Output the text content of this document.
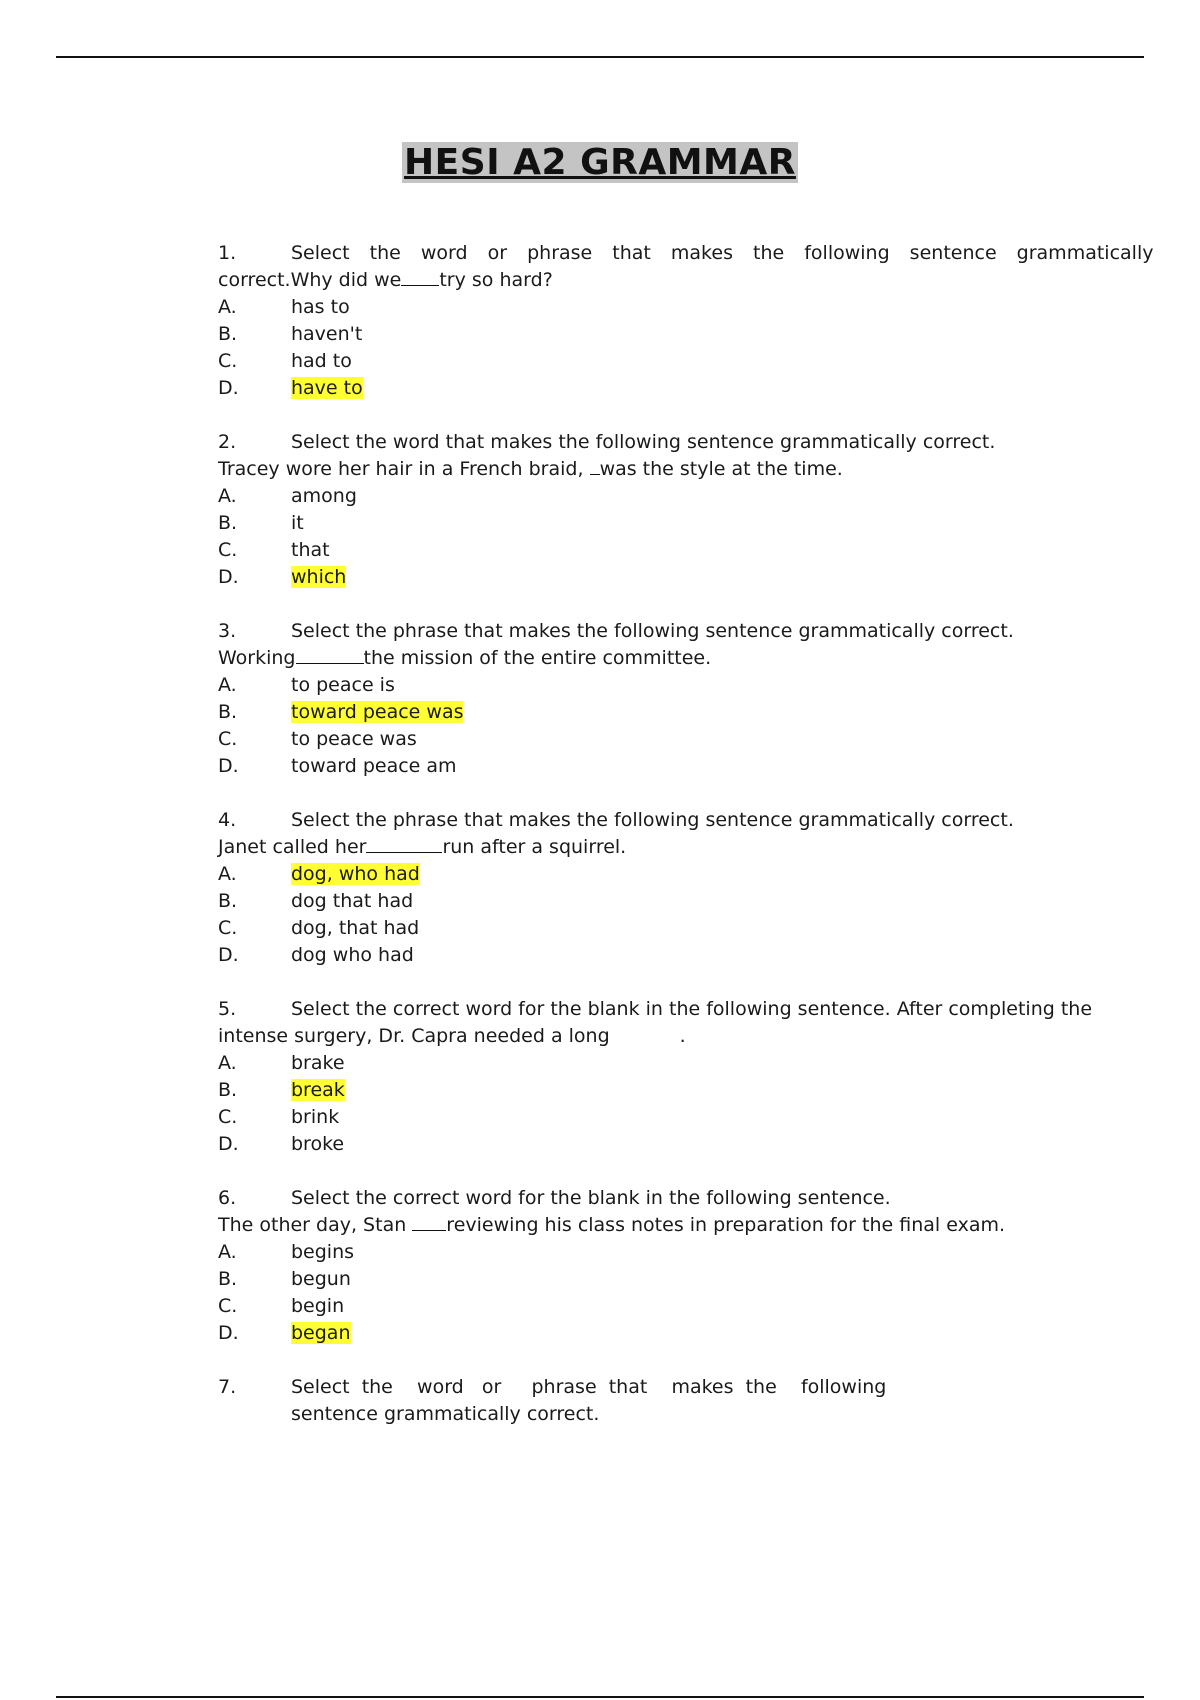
HESI A2 GRAMMAR
1.	Select the word or phrase that makes the following sentence grammatically
correct.Why did we try so hard?
A.	has to
B.	haven't
C.	had to
D.	have to
2.	Select the word that makes the following sentence grammatically correct.
Tracey wore her hair in a French braid, was the style at the time.
A.	among
B.	it
C.	that
D.	which
3.	Select the phrase that makes the following sentence grammatically correct.
Working	the mission of the entire committee.
A.	to peace is
B.	toward peace was
C.	to peace was
D.	toward peace am
4.	Select the phrase that makes the following sentence grammatically correct.
Janet called her	run after a squirrel.
A.	dog, who had
B.	dog that had
C.	dog, that had
D.	dog who had
5.	Select the correct word for the blank in the following sentence. After completing the
intense surgery, Dr. Capra needed a long	.
A.	brake
B.	break
C.	brink
D.	broke
6.	Select the correct word for the blank in the following sentence.
The other day, Stan reviewing his class notes in preparation for the final exam.
A.	begins
B.	begun
C.	begin
D.	began
7.	Select  the    word   or     phrase  that    makes  the    following
sentence grammatically correct.
